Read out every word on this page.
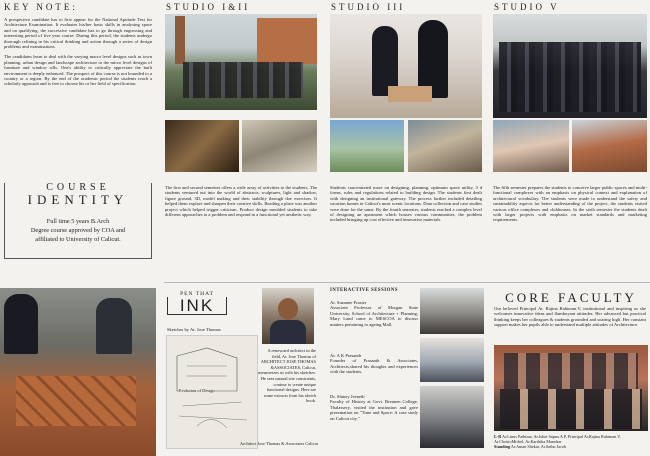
KEY NOTE:

A prospective candidate has to first appear for the National Aptitude Test for Architecture Examination. It evaluates his/her basic skills in analysing space and on qualifying, the successive candidate has to go through engrossing and interesting period of five year course. During this period, the students undergo thorough refining in his critical thinking and action through a series of design problems and examinations.

The candidates learn to deal with the varying macro level designs such as town planning, urban design and landscape architecture to the micro level designs of furniture and window sills. One's ability to critically appreciate the built environment is deeply enhanced. The prospect of this course is not bounded to a country or a region. By the end of the academic period the students reach a scholarly approach and is free to choose his or her field of specification.

STUDIO I&II
The first and second semester offers a wide array of activities to the students. The students ventured out into the world of abstracts, sculptures, light and shadow, figure ground, 3D, model making and their stability through doe exercises. It helped them explore and sharpen their creative skills. Reading a place was another project which helped trigger criticism. Product design moulded students to take different approaches to a problem and respond in a functional yet aesthetic way.
STUDIO III
Students concentrated more on designing, planning, optimum space utility, 3 d forms, rules and regulations related to building design. The students first dealt with designing an institutional gateway. The process further included detailing vacation homes in Calicut's most scenic locations. Data collection and case studies were done for the same. By the fourth semester, students reached a complex level of designing an apartment which houses various communities, the problem included bringing up cost effective and innovative materials.
STUDIO V
The fifth semester prepares the students to conceive larger public spaces and multi-functional complexes with an emphasis on physical context and explanation of architectural vocabulary. The students were made to understand the safety and sustainability aspects for better understanding of the project, the students visited various office complexes and clubhouses. In the sixth semester the students dealt with larger projects with emphasis on market standards and marketing requirements.
COURSE
IDENTITY
Full time 5 years B.Arch
Degree course approved by COA and
affiliated to University of Calicut.
PEN THAT
INK
Sketches by Ar. Jose Thomas
Evolution of Design
A renowned architect in the field, Ar. Jose Thomas of ARCHITECT JOSE THOMAS &ASSOCIATES, Calicut, mesmerizes us with his sketches. He sees natural site constraints, contour to create unique functional designs. Here are some extracts from his sketch book.
Architect Jose Thomas & Associates Calicut
INTERACTIVE SESSIONS
Ar. Suzanne Frasier
Associate Professor of Morgan State University, School of Architecture + Planning, Mary Land came to MESCOA to discuss matters pertaining to ageing Mall.
Ar. A K Prasanth
Founder of Prasanth & Associates, Architects,shared his thoughts and experiences with the students.
Dr. Shiney Jeeneth
Faculty of History at Govt. Brennen College, Thalassery, visited the institution and gave presentation on "Time and Space: A case study on Calicut city."
CORE FACULTY
Our beloved Principal Ar. Rajina Rahiman.V, institutional and inspiring as she welcomes innovative ideas and flamboyant attitudes. Her advanced but practical thinking keeps her colleagues & students grounded and soaring high. Her constant support makes her pupils able to understand multiple attitudes of Architecture.
L-R Ar.Linus Pathima, Ar.Juhie Sapna.A.P, Principal Ar.Rajina Rahiman.V, Ar.ChristoMichel, Ar.Karthika Manohar
Standing Ar.Aman Shekar, Ar.Saibu Jacob
